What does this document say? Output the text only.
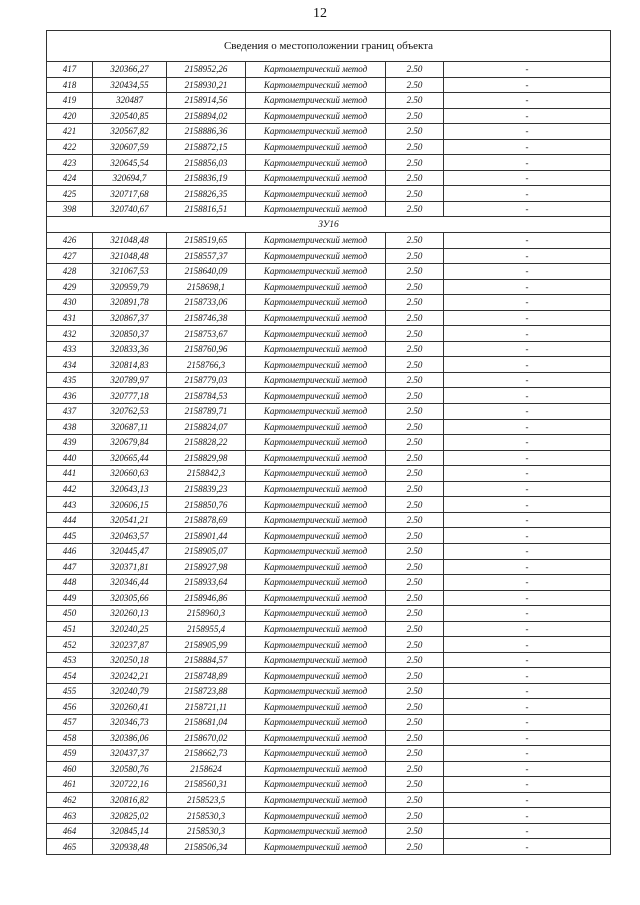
12
Сведения о местоположении границ объекта					
417	320366,27	2158952,26	Картометрический метод	2.50	-
418	320434,55	2158930,21	Картометрический метод	2.50	-
419	320487	2158914,56	Картометрический метод	2.50	-
420	320540,85	2158894,02	Картометрический метод	2.50	-
421	320567,82	2158886,36	Картометрический метод	2.50	-
422	320607,59	2158872,15	Картометрический метод	2.50	-
423	320645,54	2158856,03	Картометрический метод	2.50	-
424	320694,7	2158836,19	Картометрический метод	2.50	-
425	320717,68	2158826,35	Картометрический метод	2.50	-
398	320740,67	2158816,51	Картометрический метод	2.50	-
ЗУ16					
426	321048,48	2158519,65	Картометрический метод	2.50	-
427	321048,48	2158557,37	Картометрический метод	2.50	-
428	321067,53	2158640,09	Картометрический метод	2.50	-
429	320959,79	2158698,1	Картометрический метод	2.50	-
430	320891,78	2158733,06	Картометрический метод	2.50	-
431	320867,37	2158746,38	Картометрический метод	2.50	-
432	320850,37	2158753,67	Картометрический метод	2.50	-
433	320833,36	2158760,96	Картометрический метод	2.50	-
434	320814,83	2158766,3	Картометрический метод	2.50	-
435	320789,97	2158779,03	Картометрический метод	2.50	-
436	320777,18	2158784,53	Картометрический метод	2.50	-
437	320762,53	2158789,71	Картометрический метод	2.50	-
438	320687,11	2158824,07	Картометрический метод	2.50	-
439	320679,84	2158828,22	Картометрический метод	2.50	-
440	320665,44	2158829,98	Картометрический метод	2.50	-
441	320660,63	2158842,3	Картометрический метод	2.50	-
442	320643,13	2158839,23	Картометрический метод	2.50	-
443	320606,15	2158850,76	Картометрический метод	2.50	-
444	320541,21	2158878,69	Картометрический метод	2.50	-
445	320463,57	2158901,44	Картометрический метод	2.50	-
446	320445,47	2158905,07	Картометрический метод	2.50	-
447	320371,81	2158927,98	Картометрический метод	2.50	-
448	320346,44	2158933,64	Картометрический метод	2.50	-
449	320305,66	2158946,86	Картометрический метод	2.50	-
450	320260,13	2158960,3	Картометрический метод	2.50	-
451	320240,25	2158955,4	Картометрический метод	2.50	-
452	320237,87	2158905,99	Картометрический метод	2.50	-
453	320250,18	2158884,57	Картометрический метод	2.50	-
454	320242,21	2158748,89	Картометрический метод	2.50	-
455	320240,79	2158723,88	Картометрический метод	2.50	-
456	320260,41	2158721,11	Картометрический метод	2.50	-
457	320346,73	2158681,04	Картометрический метод	2.50	-
458	320386,06	2158670,02	Картометрический метод	2.50	-
459	320437,37	2158662,73	Картометрический метод	2.50	-
460	320580,76	2158624	Картометрический метод	2.50	-
461	320722,16	2158560,31	Картометрический метод	2.50	-
462	320816,82	2158523,5	Картометрический метод	2.50	-
463	320825,02	2158530,3	Картометрический метод	2.50	-
464	320845,14	2158530,3	Картометрический метод	2.50	-
465	320938,48	2158506,34	Картометрический метод	2.50	-
